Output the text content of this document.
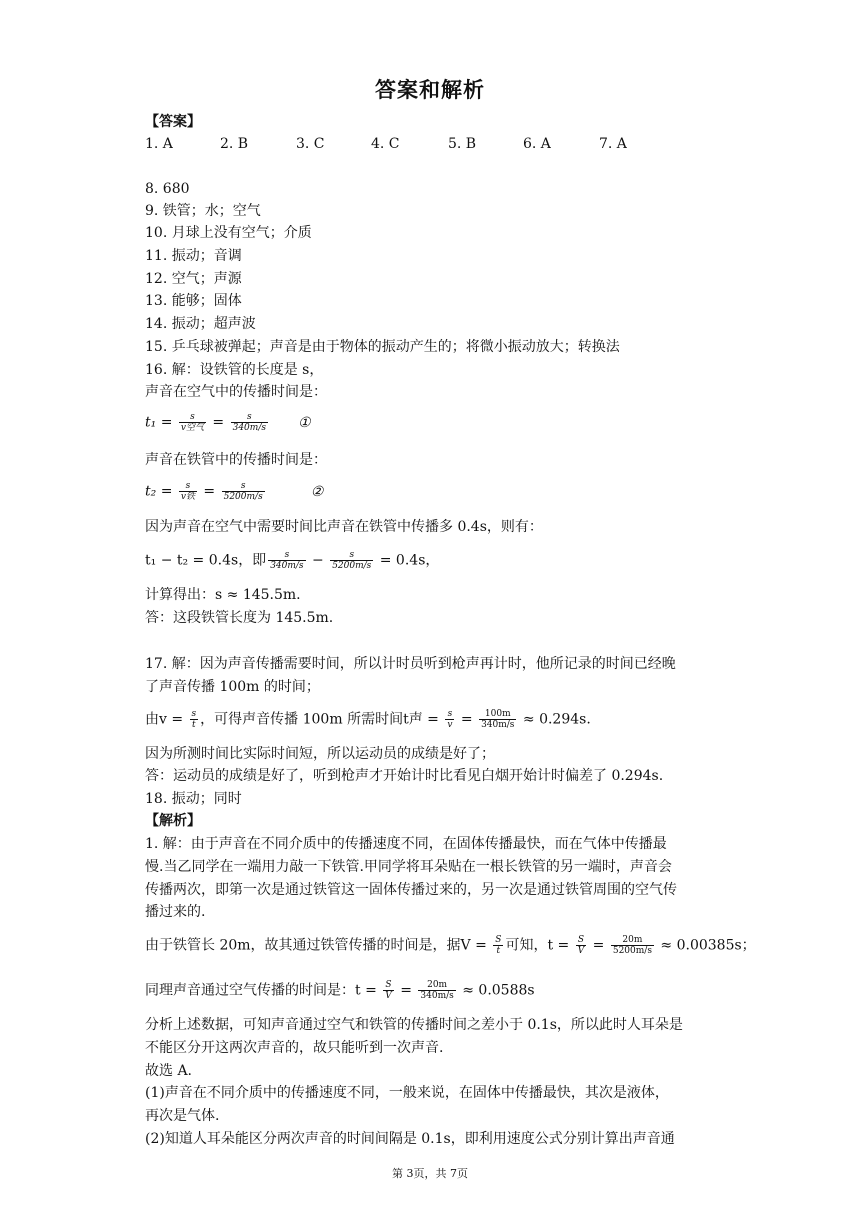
答案和解析
【答案】
1. A	2. B	3. C	4. C	5. B	6. A	7. A
8. 680
9. 铁管；水；空气
10. 月球上没有空气；介质
11. 振动；音调
12. 空气；声源
13. 能够；固体
14. 振动；超声波
15. 乒乓球被弹起；声音是由于物体的振动产生的；将微小振动放大；转换法
16. 解：设铁管的长度是 s，
声音在空气中的传播时间是：
$t_1 = \frac{s}{\text{v空气}} = \frac{s}{340m/s}$ ①
声音在铁管中的传播时间是：
$t_2 = \frac{s}{\text{v铁}} = \frac{s}{5200m/s}$	②
因为声音在空气中需要时间比声音在铁管中传播多 0.4s，则有：
t₁ − t₂ = 0.4s，即 $\frac{s}{340m/s} - \frac{s}{5200m/s} = 0.4s$，
计算得出：s ≈ 145.5m.
答：这段铁管长度为 145.5m.
17. 解：因为声音传播需要时间，所以计时员听到枪声再计时，他所记录的时间已经晚
了声音传播 100m 的时间；
由$v = \frac{s}{t}$ ，可得声音传播 100m 所需时间t声 = $\frac{s}{v} = \frac{100m}{340m/s} \approx 0.294s$.
因为所测时间比实际时间短，所以运动员的成绩是好了；
答：运动员的成绩是好了，听到枪声才开始计时比看见白烟开始计时偏差了 0.294s.
18. 振动；同时
【解析】
1. 解：由于声音在不同介质中的传播速度不同，在固体传播最快，而在气体中传播最
慢.当乙同学在一端用力敲一下铁管.甲同学将耳朵贴在一根长铁管的另一端时，声音会
传播两次，即第一次是通过铁管这一固体传播过来的，另一次是通过铁管周围的空气传
播过来的.
由于铁管长 20m，故其通过铁管传播的时间是，据$V = \frac{S}{t}$ 可知，$t = \frac{S}{V} = \frac{20m}{5200m/s} \approx 0.00385s$；
同理声音通过空气传播的时间是：$t = \frac{S}{V} = \frac{20m}{340m/s} \approx 0.0588s$
分析上述数据，可知声音通过空气和铁管的传播时间之差小于 0.1s，所以此时人耳朵是
不能区分开这两次声音的，故只能听到一次声音.
故选 A.
(1)声音在不同介质中的传播速度不同，一般来说，在固体中传播最快，其次是液体，
再次是气体.
(2)知道人耳朵能区分两次声音的时间间隔是 0.1s，即利用速度公式分别计算出声音通
第 3页，共 7页
